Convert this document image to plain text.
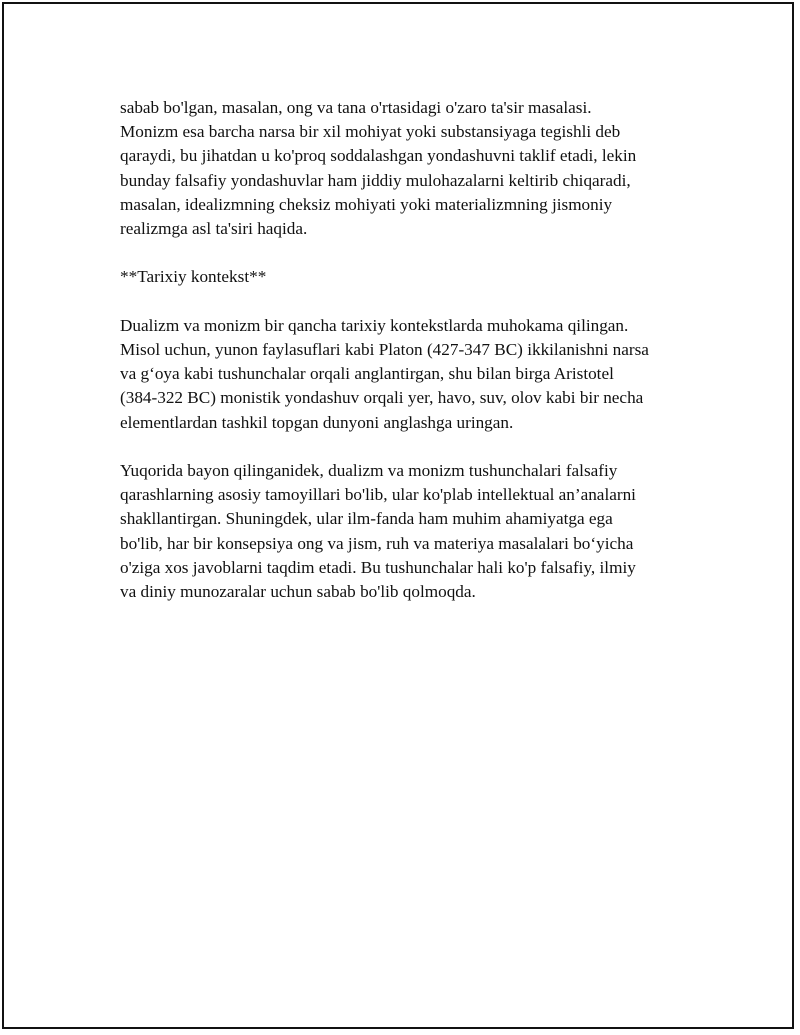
sabab bo'lgan, masalan, ong va tana o'rtasidagi o'zaro ta'sir masalasi.
Monizm esa barcha narsa bir xil mohiyat yoki substansiyaga tegishli deb
qaraydi, bu jihatdan u ko'proq soddalashgan yondashuvni taklif etadi, lekin
bunday falsafiy yondashuvlar ham jiddiy mulohazalarni keltirib chiqaradi,
masalan, idealizmning cheksiz mohiyati yoki materializmning jismoniy
realizmga asl ta'siri haqida.

**Tarixiy kontekst**

Dualizm va monizm bir qancha tarixiy kontekstlarda muhokama qilingan.
Misol uchun, yunon faylasuflari kabi Platon (427-347 BC) ikkilanishni narsa
va g‘oya kabi tushunchalar orqali anglantirgan, shu bilan birga Aristotel
(384-322 BC) monistik yondashuv orqali yer, havo, suv, olov kabi bir necha
elementlardan tashkil topgan dunyoni anglashga uringan.

Yuqorida bayon qilinganidek, dualizm va monizm tushunchalari falsafiy
qarashlarning asosiy tamoyillari bo'lib, ular ko'plab intellektual an’analarni
shakllantirgan. Shuningdek, ular ilm-fanda ham muhim ahamiyatga ega
bo'lib, har bir konsepsiya ong va jism, ruh va materiya masalalari bo‘yicha
o'ziga xos javoblarni taqdim etadi. Bu tushunchalar hali ko'p falsafiy, ilmiy
va diniy munozaralar uchun sabab bo'lib qolmoqda.
